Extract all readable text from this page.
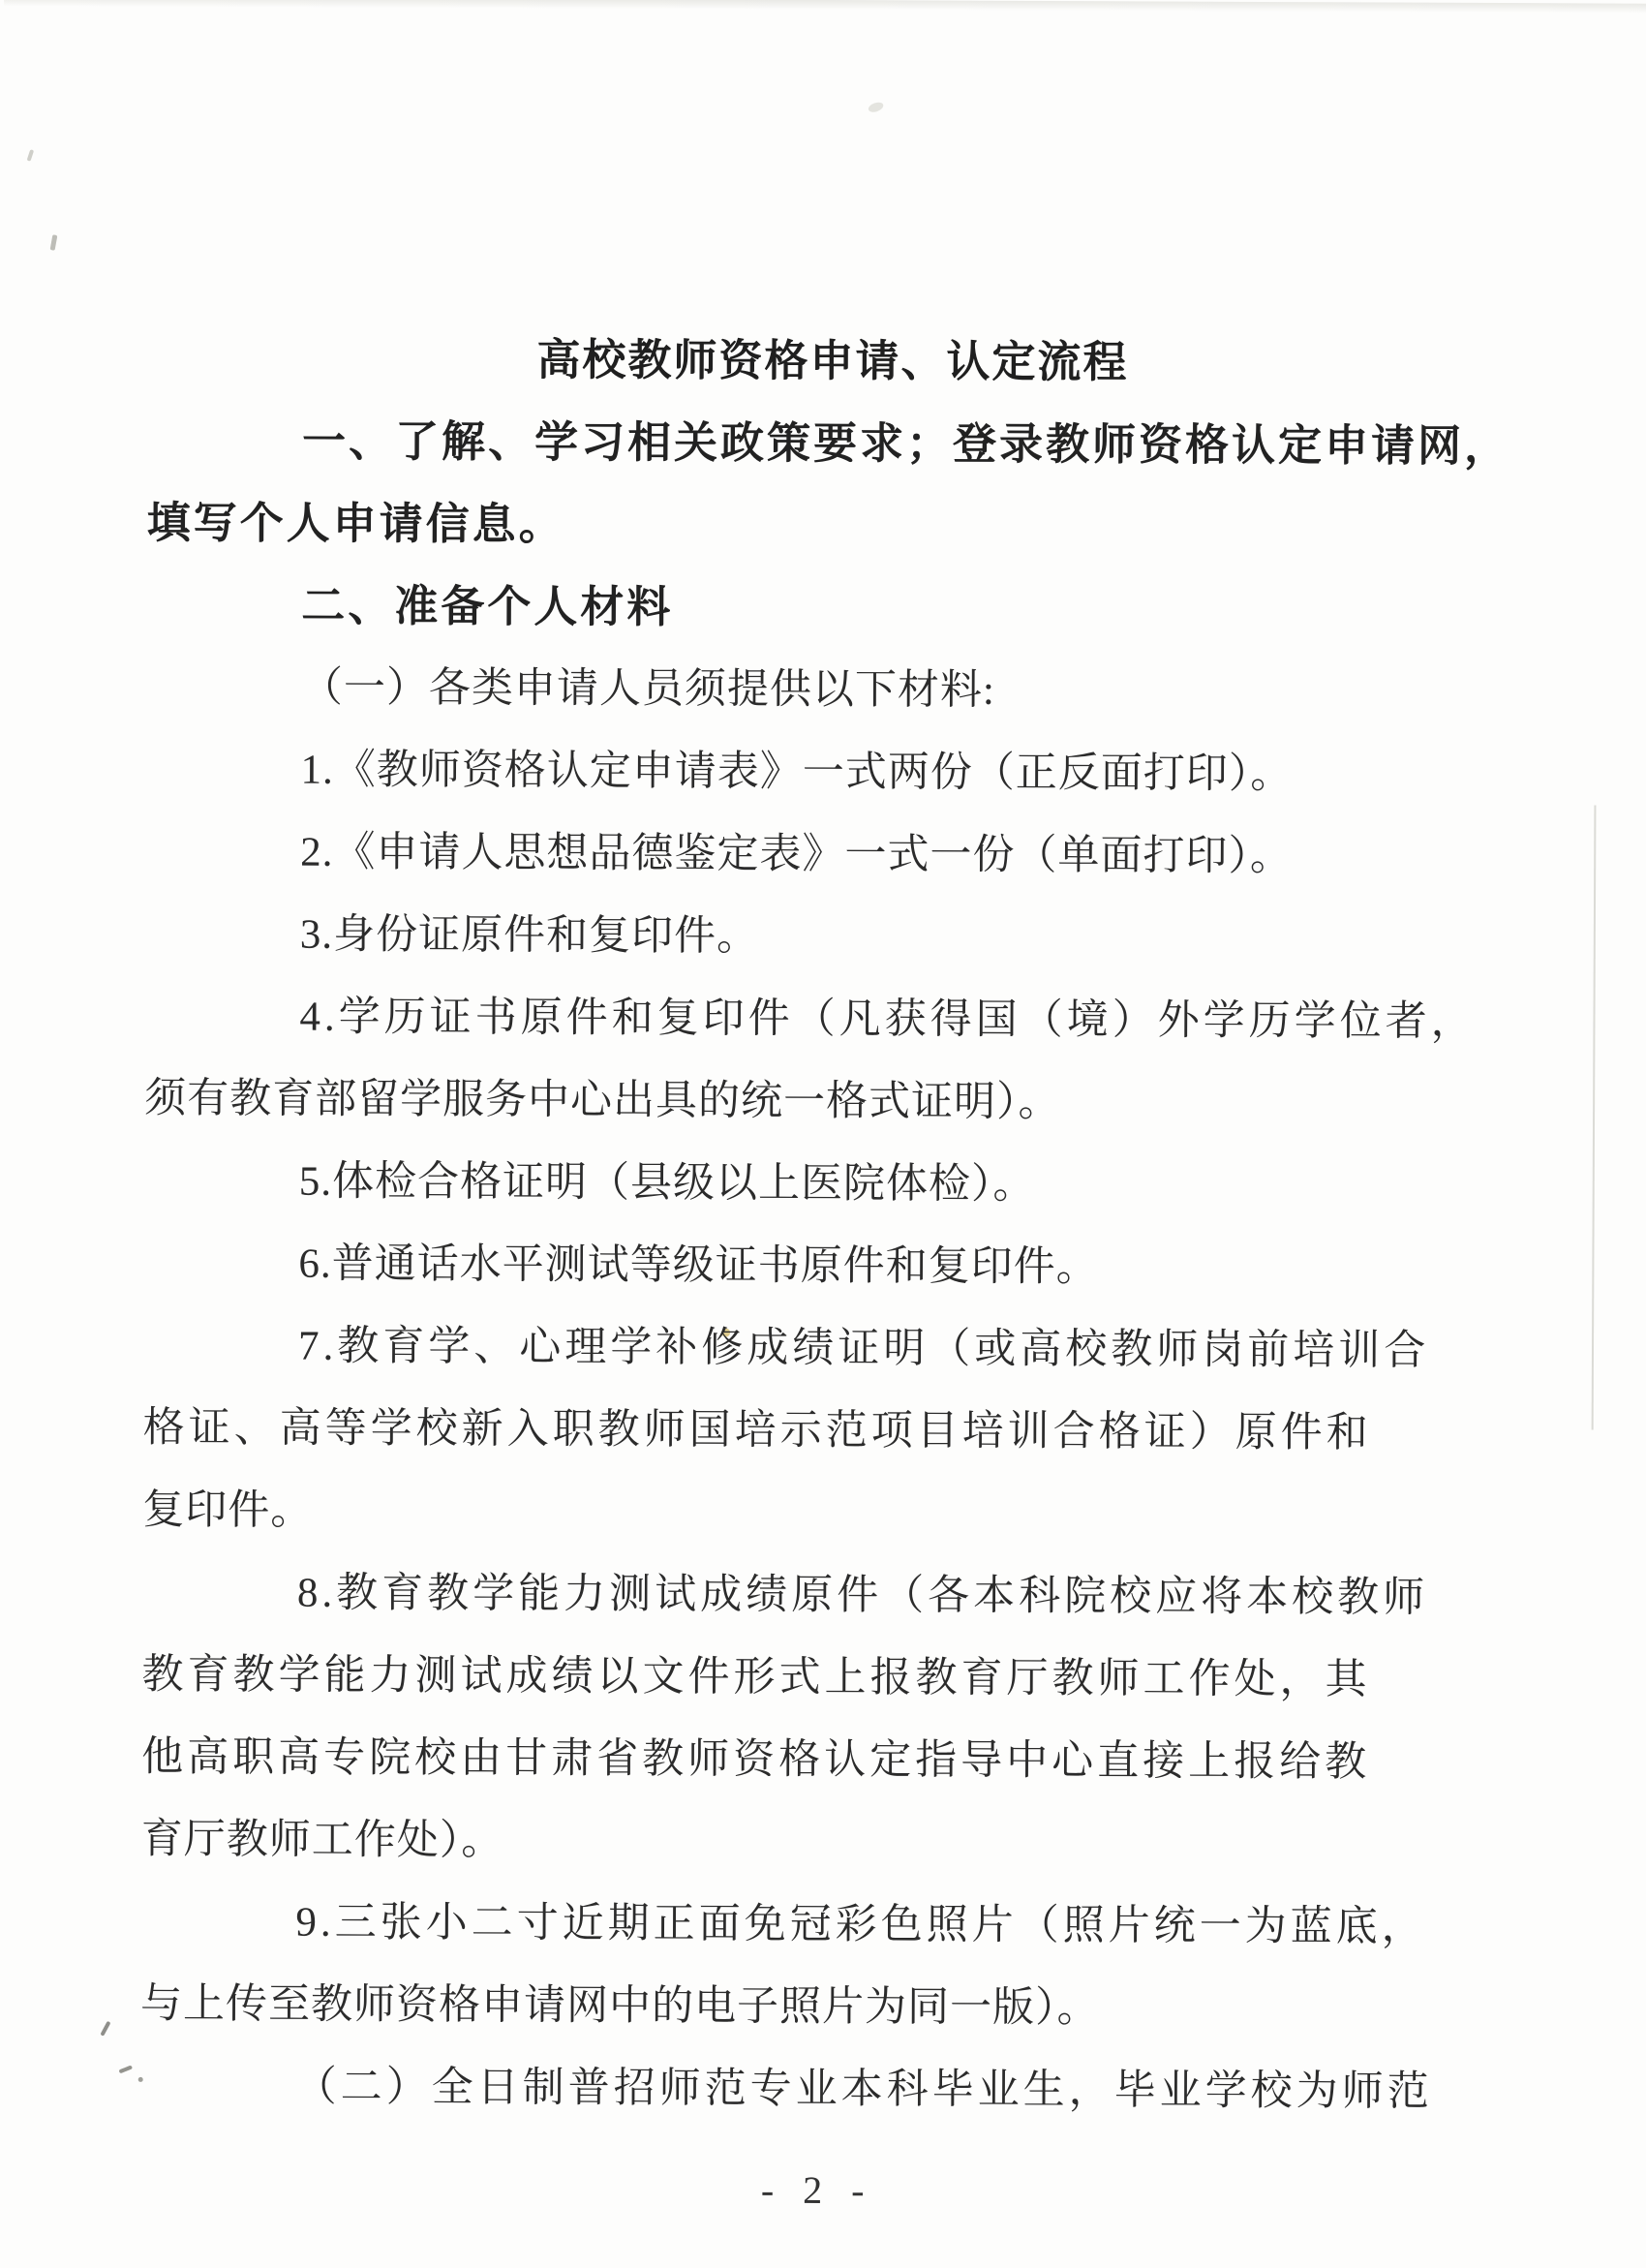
高校教师资格申请、认定流程
一、了解、学习相关政策要求；登录教师资格认定申请网，
填写个人申请信息。
二、准备个人材料
（一）各类申请人员须提供以下材料:
1.《教师资格认定申请表》一式两份（正反面打印）。
2.《申请人思想品德鉴定表》一式一份（单面打印）。
3.身份证原件和复印件。
4.学历证书原件和复印件（凡获得国（境）外学历学位者，
须有教育部留学服务中心出具的统一格式证明）。
5.体检合格证明（县级以上医院体检）。
6.普通话水平测试等级证书原件和复印件。
7.教育学、心理学补修成绩证明（或高校教师岗前培训合
格证、高等学校新入职教师国培示范项目培训合格证）原件和
复印件。
8.教育教学能力测试成绩原件（各本科院校应将本校教师
教育教学能力测试成绩以文件形式上报教育厅教师工作处，其
他高职高专院校由甘肃省教师资格认定指导中心直接上报给教
育厅教师工作处）。
9.三张小二寸近期正面免冠彩色照片（照片统一为蓝底，
与上传至教师资格申请网中的电子照片为同一版）。
（二）全日制普招师范专业本科毕业生，毕业学校为师范
- 2 -
